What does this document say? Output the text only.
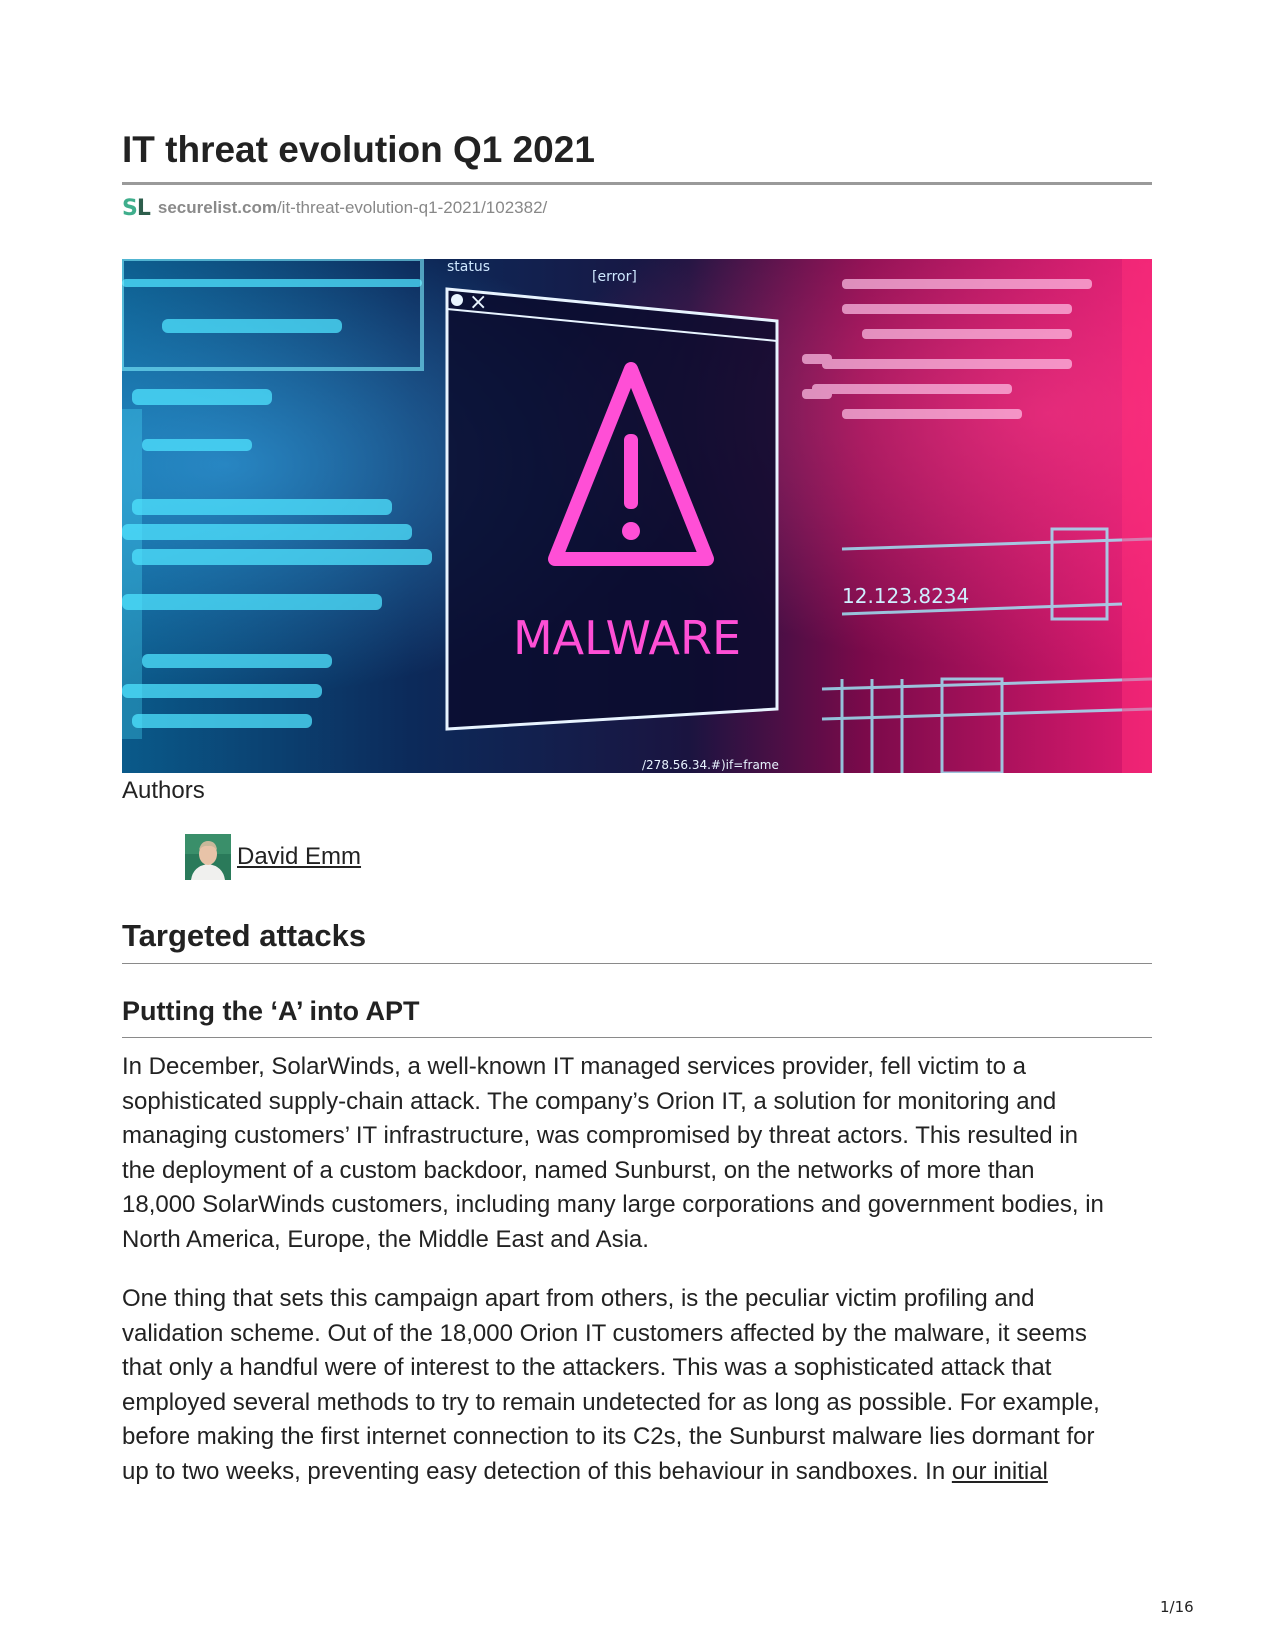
IT threat evolution Q1 2021
SL securelist.com /it-threat-evolution-q1-2021/102382/
×
status
[error]
MALWARE
12.123.8234
/278.56.34.#)if=frame
Authors
David Emm
Targeted attacks
Putting the ‘A’ into APT

In December, SolarWinds, a well-known IT managed services provider, fell victim to a
sophisticated supply-chain attack. The company’s Orion IT, a solution for monitoring and
managing customers’ IT infrastructure, was compromised by threat actors. This resulted in
the deployment of a custom backdoor, named Sunburst, on the networks of more than
18,000 SolarWinds customers, including many large corporations and government bodies, in
North America, Europe, the Middle East and Asia.

One thing that sets this campaign apart from others, is the peculiar victim profiling and
validation scheme. Out of the 18,000 Orion IT customers affected by the malware, it seems
that only a handful were of interest to the attackers. This was a sophisticated attack that
employed several methods to try to remain undetected for as long as possible. For example,
before making the first internet connection to its C2s, the Sunburst malware lies dormant for
up to two weeks, preventing easy detection of this behaviour in sandboxes. In our initial

1/16
